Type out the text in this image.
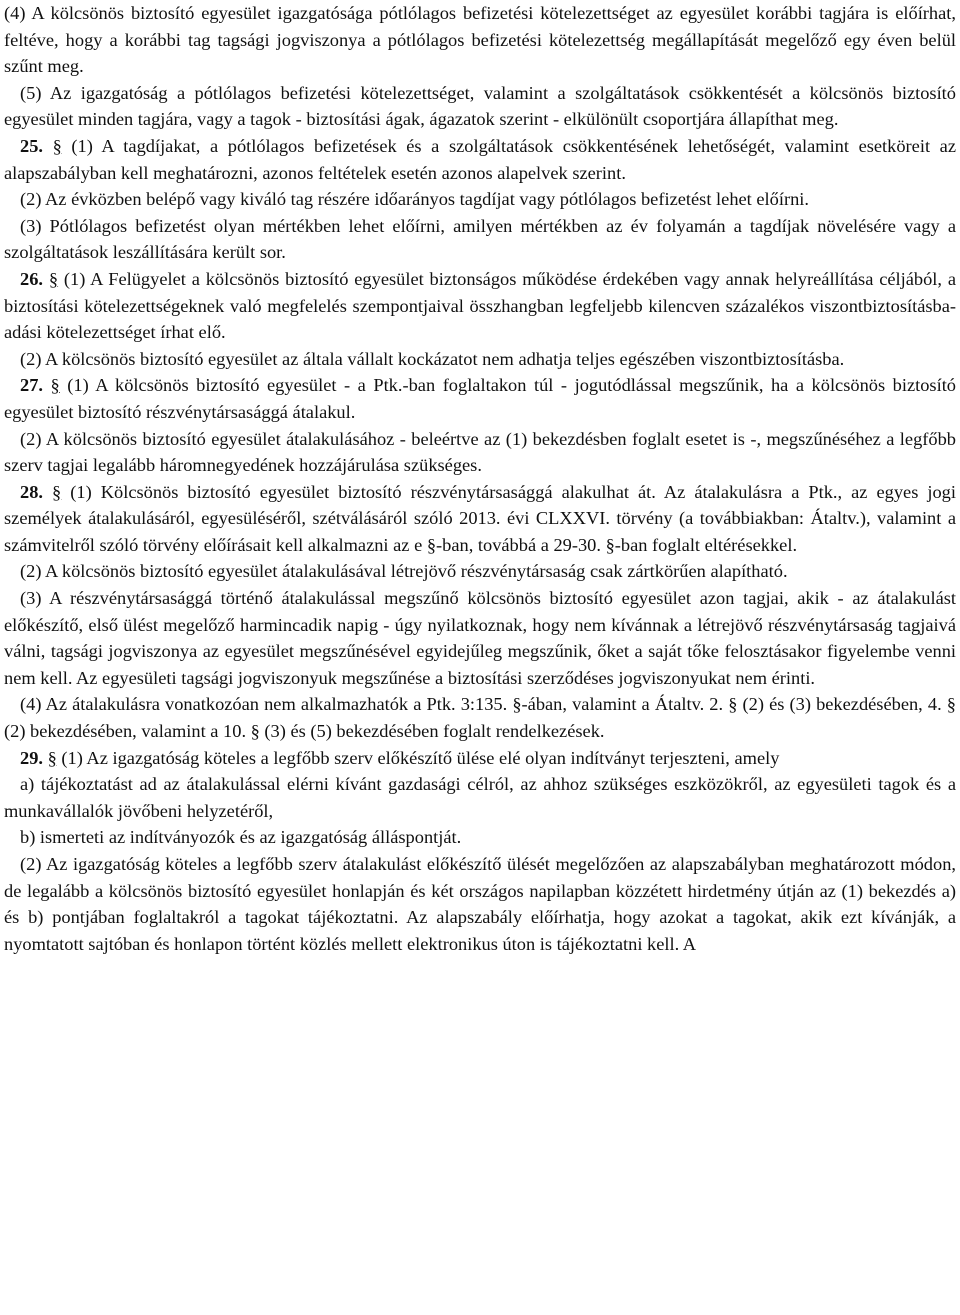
(4) A kölcsönös biztosító egyesület igazgatósága pótlólagos befizetési kötelezettséget az egyesület korábbi tagjára is előírhat, feltéve, hogy a korábbi tag tagsági jogviszonya a pótlólagos befizetési kötelezettség megállapítását megelőző egy éven belül szűnt meg.

(5) Az igazgatóság a pótlólagos befizetési kötelezettséget, valamint a szolgáltatások csökkentését a kölcsönös biztosító egyesület minden tagjára, vagy a tagok - biztosítási ágak, ágazatok szerint - elkülönült csoportjára állapíthat meg.

25. § (1) A tagdíjakat, a pótlólagos befizetések és a szolgáltatások csökkentésének lehetőségét, valamint esetköreit az alapszabályban kell meghatározni, azonos feltételek esetén azonos alapelvek szerint.

(2) Az évközben belépő vagy kiváló tag részére időarányos tagdíjat vagy pótlólagos befizetést lehet előírni.

(3) Pótlólagos befizetést olyan mértékben lehet előírni, amilyen mértékben az év folyamán a tagdíjak növelésére vagy a szolgáltatások leszállítására került sor.

26. § (1) A Felügyelet a kölcsönös biztosító egyesület biztonságos működése érdekében vagy annak helyreállítása céljából, a biztosítási kötelezettségeknek való megfelelés szempontjaival összhangban legfeljebb kilencven százalékos viszontbiztosításba-adási kötelezettséget írhat elő.

(2) A kölcsönös biztosító egyesület az általa vállalt kockázatot nem adhatja teljes egészében viszontbiztosításba.

27. § (1) A kölcsönös biztosító egyesület - a Ptk.-ban foglaltakon túl - jogutódlással megszűnik, ha a kölcsönös biztosító egyesület biztosító részvénytársasággá átalakul.

(2) A kölcsönös biztosító egyesület átalakulásához - beleértve az (1) bekezdésben foglalt esetet is -, megszűnéséhez a legfőbb szerv tagjai legalább háromnegyedének hozzájárulása szükséges.

28. § (1) Kölcsönös biztosító egyesület biztosító részvénytársasággá alakulhat át. Az átalakulásra a Ptk., az egyes jogi személyek átalakulásáról, egyesüléséről, szétválásáról szóló 2013. évi CLXXVI. törvény (a továbbiakban: Átaltv.), valamint a számvitelről szóló törvény előírásait kell alkalmazni az e §-ban, továbbá a 29-30. §-ban foglalt eltérésekkel.

(2) A kölcsönös biztosító egyesület átalakulásával létrejövő részvénytársaság csak zártkörűen alapítható.

(3) A részvénytársasággá történő átalakulással megszűnő kölcsönös biztosító egyesület azon tagjai, akik - az átalakulást előkészítő, első ülést megelőző harmincadik napig - úgy nyilatkoznak, hogy nem kívánnak a létrejövő részvénytársaság tagjaivá válni, tagsági jogviszonya az egyesület megszűnésével egyidejűleg megszűnik, őket a saját tőke felosztásakor figyelembe venni nem kell. Az egyesületi tagsági jogviszonyuk megszűnése a biztosítási szerződéses jogviszonyukat nem érinti.

(4) Az átalakulásra vonatkozóan nem alkalmazhatók a Ptk. 3:135. §-ában, valamint a Átaltv. 2. § (2) és (3) bekezdésében, 4. § (2) bekezdésében, valamint a 10. § (3) és (5) bekezdésében foglalt rendelkezések.

29. § (1) Az igazgatóság köteles a legfőbb szerv előkészítő ülése elé olyan indítványt terjeszteni, amely

a) tájékoztatást ad az átalakulással elérni kívánt gazdasági célról, az ahhoz szükséges eszközökről, az egyesületi tagok és a munkavállalók jövőbeni helyzetéről,

b) ismerteti az indítványozók és az igazgatóság álláspontját.

(2) Az igazgatóság köteles a legfőbb szerv átalakulást előkészítő ülését megelőzően az alapszabályban meghatározott módon, de legalább a kölcsönös biztosító egyesület honlapján és két országos napilapban közzétett hirdetmény útján az (1) bekezdés a) és b) pontjában foglaltakról a tagokat tájékoztatni. Az alapszabály előírhatja, hogy azokat a tagokat, akik ezt kívánják, a nyomtatott sajtóban és honlapon történt közlés mellett elektronikus úton is tájékoztatni kell. A
